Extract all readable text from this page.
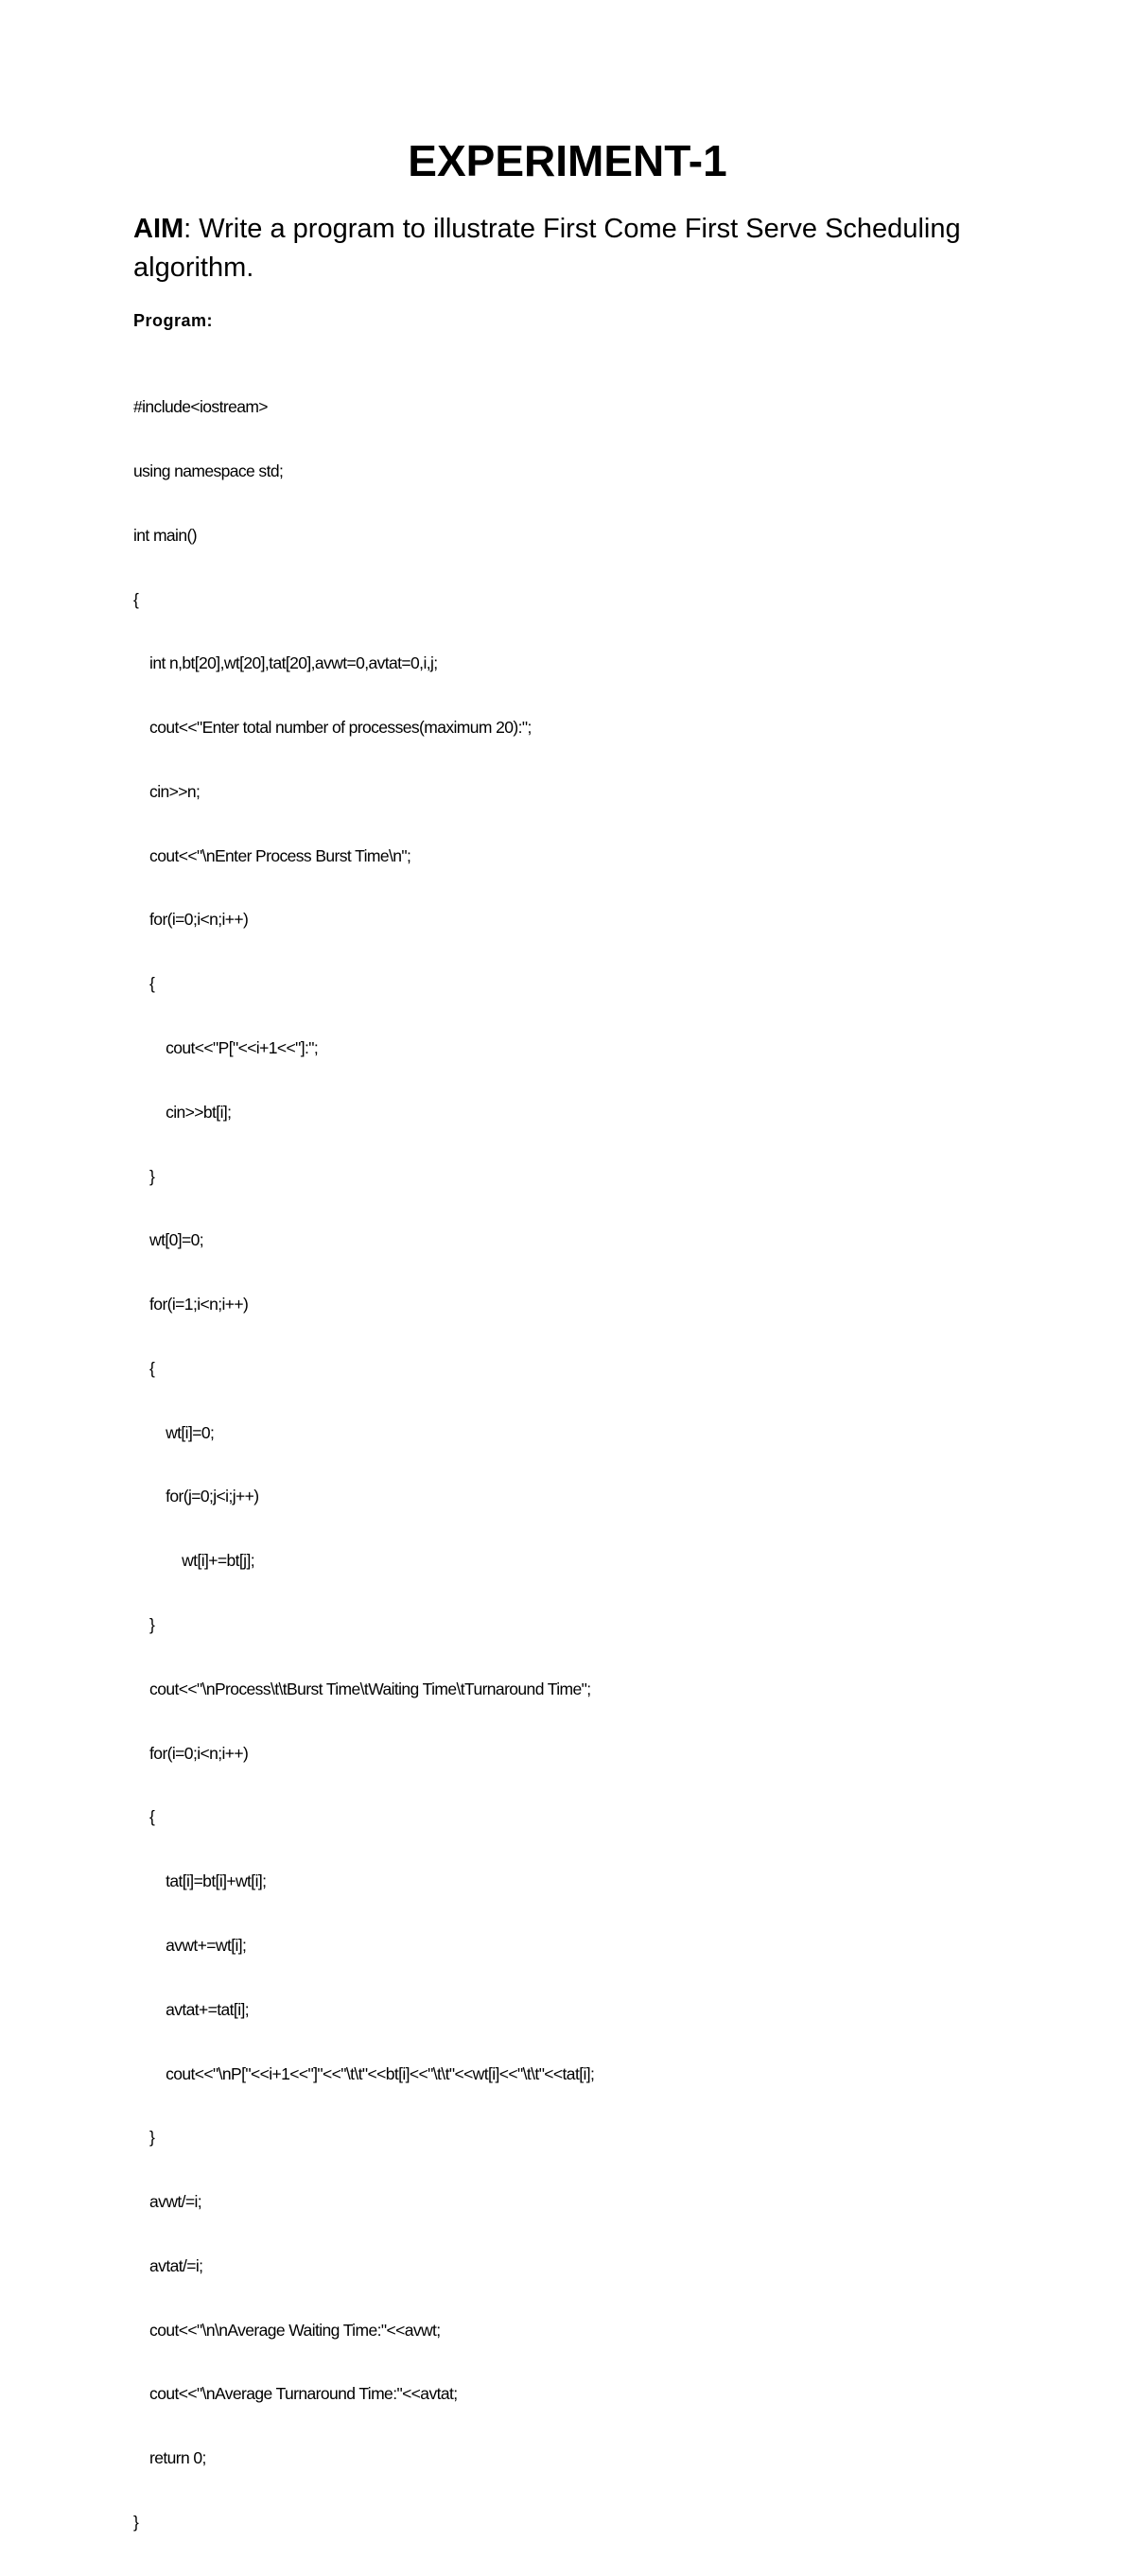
EXPERIMENT-1
AIM: Write a program to illustrate First Come First Serve Scheduling algorithm.
Program:

#include<iostream>

using namespace std;

int main()

{

int n,bt[20],wt[20],tat[20],avwt=0,avtat=0,i,j;

cout<<"Enter total number of processes(maximum 20):";

cin>>n;

cout<<"\nEnter Process Burst Time\n";

for(i=0;i<n;i++)

{

cout<<"P["<<i+1<<"]:";

cin>>bt[i];

}

wt[0]=0;

for(i=1;i<n;i++)

{

wt[i]=0;

for(j=0;j<i;j++)

wt[i]+=bt[j];

}

cout<<"\nProcess\t\tBurst Time\tWaiting Time\tTurnaround Time";

for(i=0;i<n;i++)

{

tat[i]=bt[i]+wt[i];

avwt+=wt[i];

avtat+=tat[i];

cout<<"\nP["<<i+1<<"]"<<"\t\t"<<bt[i]<<"\t\t"<<wt[i]<<"\t\t"<<tat[i];

}

avwt/=i;

avtat/=i;

cout<<"\n\nAverage Waiting Time:"<<avwt;

cout<<"\nAverage Turnaround Time:"<<avtat;

return 0;

}
